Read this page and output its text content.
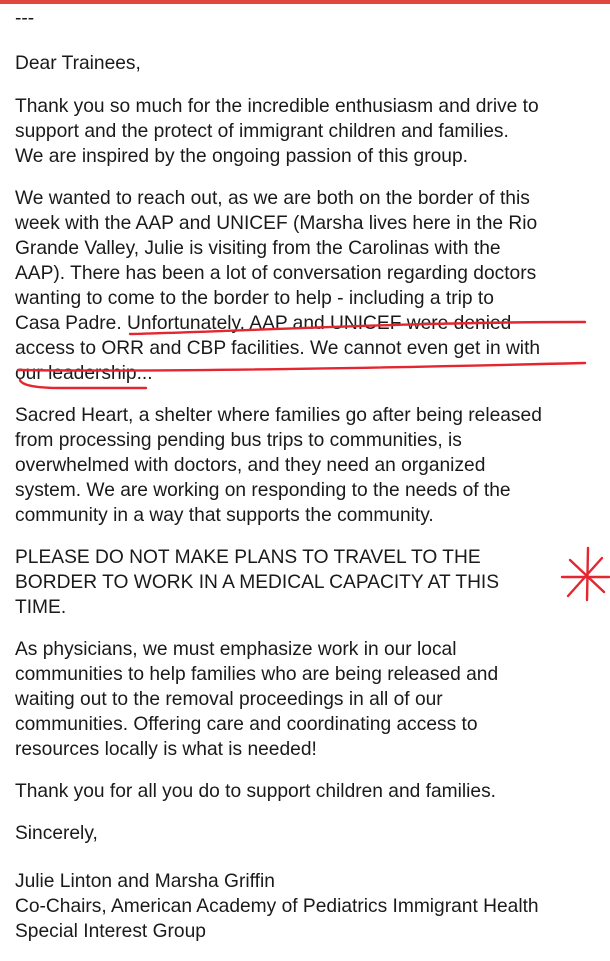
---

Dear Trainees,

Thank you so much for the incredible enthusiasm and drive to
support and the protect of immigrant children and families.
We are inspired by the ongoing passion of this group.

We wanted to reach out, as we are both on the border of this
week with the AAP and UNICEF (Marsha lives here in the Rio
Grande Valley, Julie is visiting from the Carolinas with the
AAP). There has been a lot of conversation regarding doctors
wanting to come to the border to help - including a trip to
Casa Padre. Unfortunately, AAP and UNICEF were denied
access to ORR and CBP facilities. We cannot even get in with
our leadership...

Sacred Heart, a shelter where families go after being released
from processing pending bus trips to communities, is
overwhelmed with doctors, and they need an organized
system. We are working on responding to the needs of the
community in a way that supports the community.

PLEASE DO NOT MAKE PLANS TO TRAVEL TO THE
BORDER TO WORK IN A MEDICAL CAPACITY AT THIS
TIME.

As physicians, we must emphasize work in our local
communities to help families who are being released and
waiting out to the removal proceedings in all of our
communities. Offering care and coordinating access to
resources locally is what is needed!

Thank you for all you do to support children and families.

Sincerely,

Julie Linton and Marsha Griffin
Co-Chairs, American Academy of Pediatrics Immigrant Health
Special Interest Group
